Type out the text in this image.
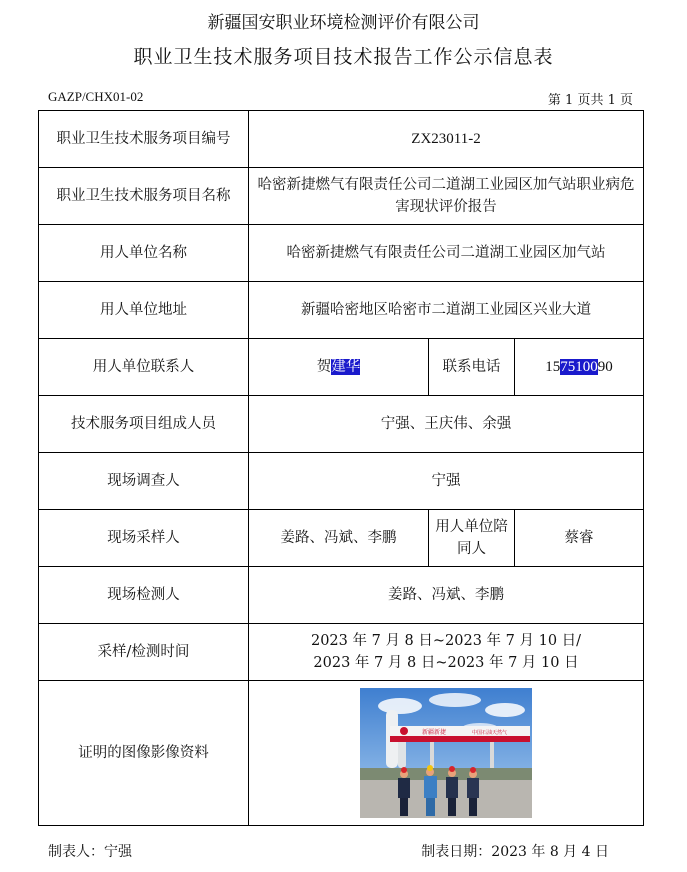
新疆国安职业环境检测评价有限公司
职业卫生技术服务项目技术报告工作公示信息表
GAZP/CHX01-02	第 1 页共 1 页
职业卫生技术服务项目编号	ZX23011-2		
职业卫生技术服务项目名称	哈密新捷燃气有限责任公司二道湖工业园区加气站职业病危害现状评价报告		
用人单位名称	哈密新捷燃气有限责任公司二道湖工业园区加气站		
用人单位地址	新疆哈密地区哈密市二道湖工业园区兴业大道		
用人单位联系人	贺建华	联系电话	157510090
技术服务项目组成人员	宁强、王庆伟、余强		
现场调查人	宁强		
现场采样人	姜路、冯斌、李鹏	用人单位陪同人	蔡睿
现场检测人	姜路、冯斌、李鹏		
采样/检测时间	2023 年 7 月 8 日~2023 年 7 月 10 日/
2023 年 7 月 8 日~2023 年 7 月 10 日		

证明的图像影像资料	新疆新捷 中国石油天然气		
制表人：宁强	制表日期：2023 年 8 月 4 日
